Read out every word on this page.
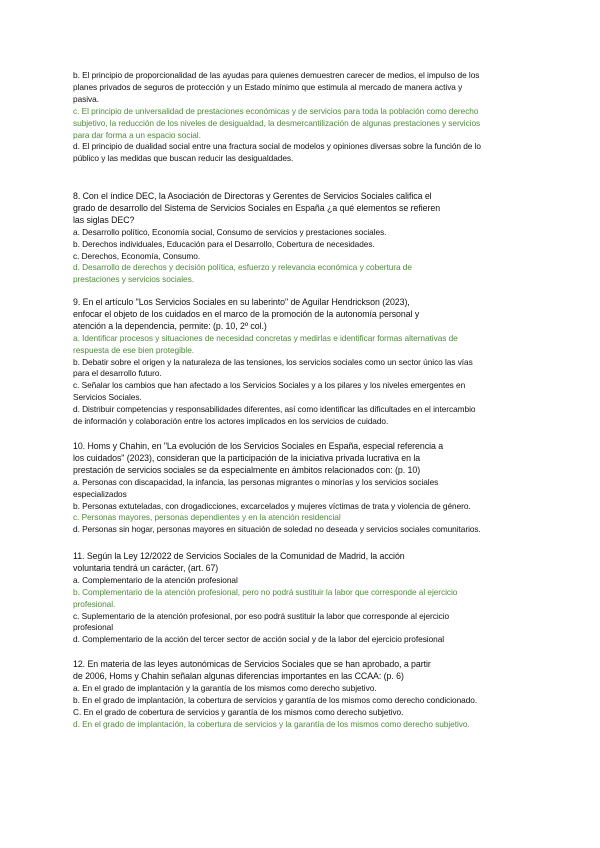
b. El principio de proporcionalidad de las ayudas para quienes demuestren carecer de medios, el impulso de los
planes privados de seguros de protección y un Estado mínimo que estimula al mercado de manera activa y
pasiva.
c. El principio de universalidad de prestaciones económicas y de servicios para toda la población como derecho
subjetivo, la reducción de los niveles de desigualdad, la desmercantilización de algunas prestaciones y servicios
para dar forma a un espacio social.
d. El principio de dualidad social entre una fractura social de modelos y opiniones diversas sobre la función de lo
público y las medidas que buscan reducir las desigualdades.
8. Con el índice DEC, la Asociación de Directoras y Gerentes de Servicios Sociales califica el
grado de desarrollo del Sistema de Servicios Sociales en España ¿a qué elementos se refieren
las siglas DEC?
a. Desarrollo político, Economía social, Consumo de servicios y prestaciones sociales.
b. Derechos individuales, Educación para el Desarrollo, Cobertura de necesidades.
c. Derechos, Economía, Consumo.
d. Desarrollo de derechos y decisión política, esfuerzo y relevancia económica y cobertura de
prestaciones y servicios sociales.
9. En el artículo "Los Servicios Sociales en su laberinto" de Aguilar Hendrickson (2023),
enfocar el objeto de los cuidados en el marco de la promoción de la autonomía personal y
atención a la dependencia, permite: (p. 10, 2º col.)
a. Identificar procesos y situaciones de necesidad concretas y medirlas e identificar formas alternativas de
respuesta de ese bien protegible.
b. Debatir sobre el origen y la naturaleza de las tensiones, los servicios sociales como un sector único las vías
para el desarrollo futuro.
c. Señalar los cambios que han afectado a los Servicios Sociales y a los pilares y los niveles emergentes en
Servicios Sociales.
d. Distribuir competencias y responsabilidades diferentes, así como identificar las dificultades en el intercambio
de información y colaboración entre los actores implicados en los servicios de cuidado.
10. Homs y Chahin, en "La evolución de los Servicios Sociales en España, especial referencia a
los cuidados" (2023), consideran que la participación de la iniciativa privada lucrativa en la
prestación de servicios sociales se da especialmente en ámbitos relacionados con: (p. 10)
a. Personas con discapacidad, la infancia, las personas migrantes o minorías y los servicios sociales
especializados
b. Personas extuteladas, con drogadicciones, excarcelados y mujeres víctimas de trata y violencia de género.
c. Personas mayores, personas dependientes y en la atención residencial
d. Personas sin hogar, personas mayores en situación de soledad no deseada y servicios sociales comunitarios.
11. Según la Ley 12/2022 de Servicios Sociales de la Comunidad de Madrid, la acción
voluntaria tendrá un carácter, (art. 67)
a. Complementario de la atención profesional
b. Complementario de la atención profesional, pero no podrá sustituir la labor que corresponde al ejercicio
profesional.
c. Suplementario de la atención profesional, por eso podrá sustituir la labor que corresponde al ejercicio
profesional
d. Complementario de la acción del tercer sector de acción social y de la labor del ejercicio profesional
12. En materia de las leyes autonómicas de Servicios Sociales que se han aprobado, a partir
de 2006, Homs y Chahin señalan algunas diferencias importantes en las CCAA: (p. 6)
a. En el grado de implantación y la garantía de los mismos como derecho subjetivo.
b. En el grado de implantación, la cobertura de servicios y garantía de los mismos como derecho condicionado.
C. En el grado de cobertura de servicios y garantía de los mismos como derecho subjetivo.
d. En el grado de implantación, la cobertura de servicios y la garantía de los mismos como derecho subjetivo.
